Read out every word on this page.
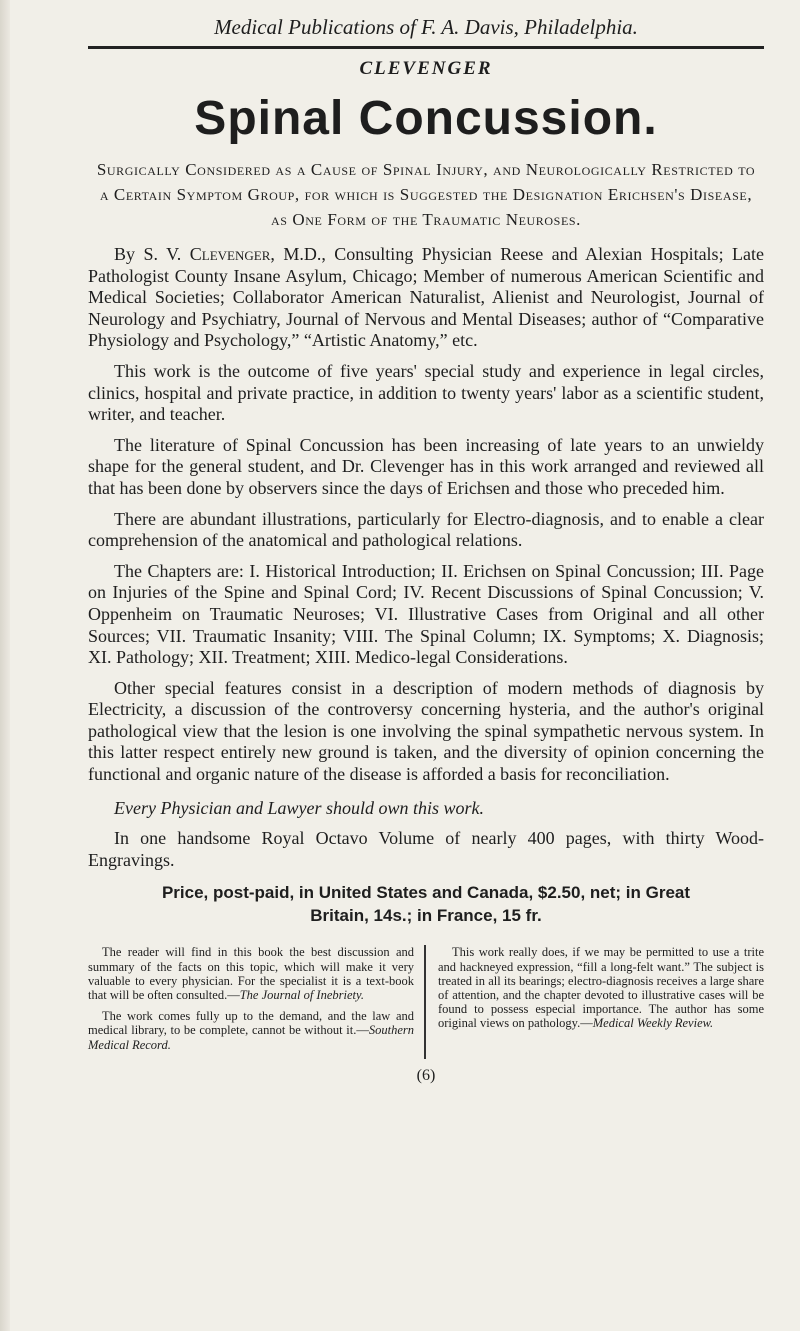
Medical Publications of F. A. Davis, Philadelphia.
CLEVENGER
Spinal Concussion.
Surgically Considered as a Cause of Spinal Injury, and Neurologically Restricted to a Certain Symptom Group, for which is Suggested the Designation Erichsen's Disease, as One Form of the Traumatic Neuroses.

By S. V. Clevenger, M.D., Consulting Physician Reese and Alexian Hospitals; Late Pathologist County Insane Asylum, Chicago; Member of numerous American Scientific and Medical Societies; Collaborator American Naturalist, Alienist and Neurologist, Journal of Neurology and Psychiatry, Journal of Nervous and Mental Diseases; author of “Comparative Physiology and Psychology,” “Artistic Anatomy,” etc.

This work is the outcome of five years' special study and experience in legal circles, clinics, hospital and private practice, in addition to twenty years' labor as a scientific student, writer, and teacher.

The literature of Spinal Concussion has been increasing of late years to an unwieldy shape for the general student, and Dr. Clevenger has in this work arranged and reviewed all that has been done by observers since the days of Erichsen and those who preceded him.

There are abundant illustrations, particularly for Electro-diagnosis, and to enable a clear comprehension of the anatomical and pathological relations.

The Chapters are: I. Historical Introduction; II. Erichsen on Spinal Concussion; III. Page on Injuries of the Spine and Spinal Cord; IV. Recent Discussions of Spinal Concussion; V. Oppenheim on Traumatic Neuroses; VI. Illustrative Cases from Original and all other Sources; VII. Traumatic Insanity; VIII. The Spinal Column; IX. Symptoms; X. Diagnosis; XI. Pathology; XII. Treatment; XIII. Medico-legal Considerations.

Other special features consist in a description of modern methods of diagnosis by Electricity, a discussion of the controversy concerning hysteria, and the author's original pathological view that the lesion is one involving the spinal sympathetic nervous system. In this latter respect entirely new ground is taken, and the diversity of opinion concerning the functional and organic nature of the disease is afforded a basis for reconciliation.

Every Physician and Lawyer should own this work.

In one handsome Royal Octavo Volume of nearly 400 pages, with thirty Wood-Engravings.

Price, post-paid, in United States and Canada, $2.50, net; in Great
Britain, 14s.; in France, 15 fr.

The reader will find in this book the best discussion and summary of the facts on this topic, which will make it very valuable to every physician. For the specialist it is a text-book that will be often consulted.—The Journal of Inebriety.

The work comes fully up to the demand, and the law and medical library, to be complete, cannot be without it.—Southern Medical Record.

This work really does, if we may be permitted to use a trite and hackneyed expression, “fill a long-felt want.” The subject is treated in all its bearings; electro-diagnosis receives a large share of attention, and the chapter devoted to illustrative cases will be found to possess especial importance. The author has some original views on pathology.—Medical Weekly Review.

(6)
